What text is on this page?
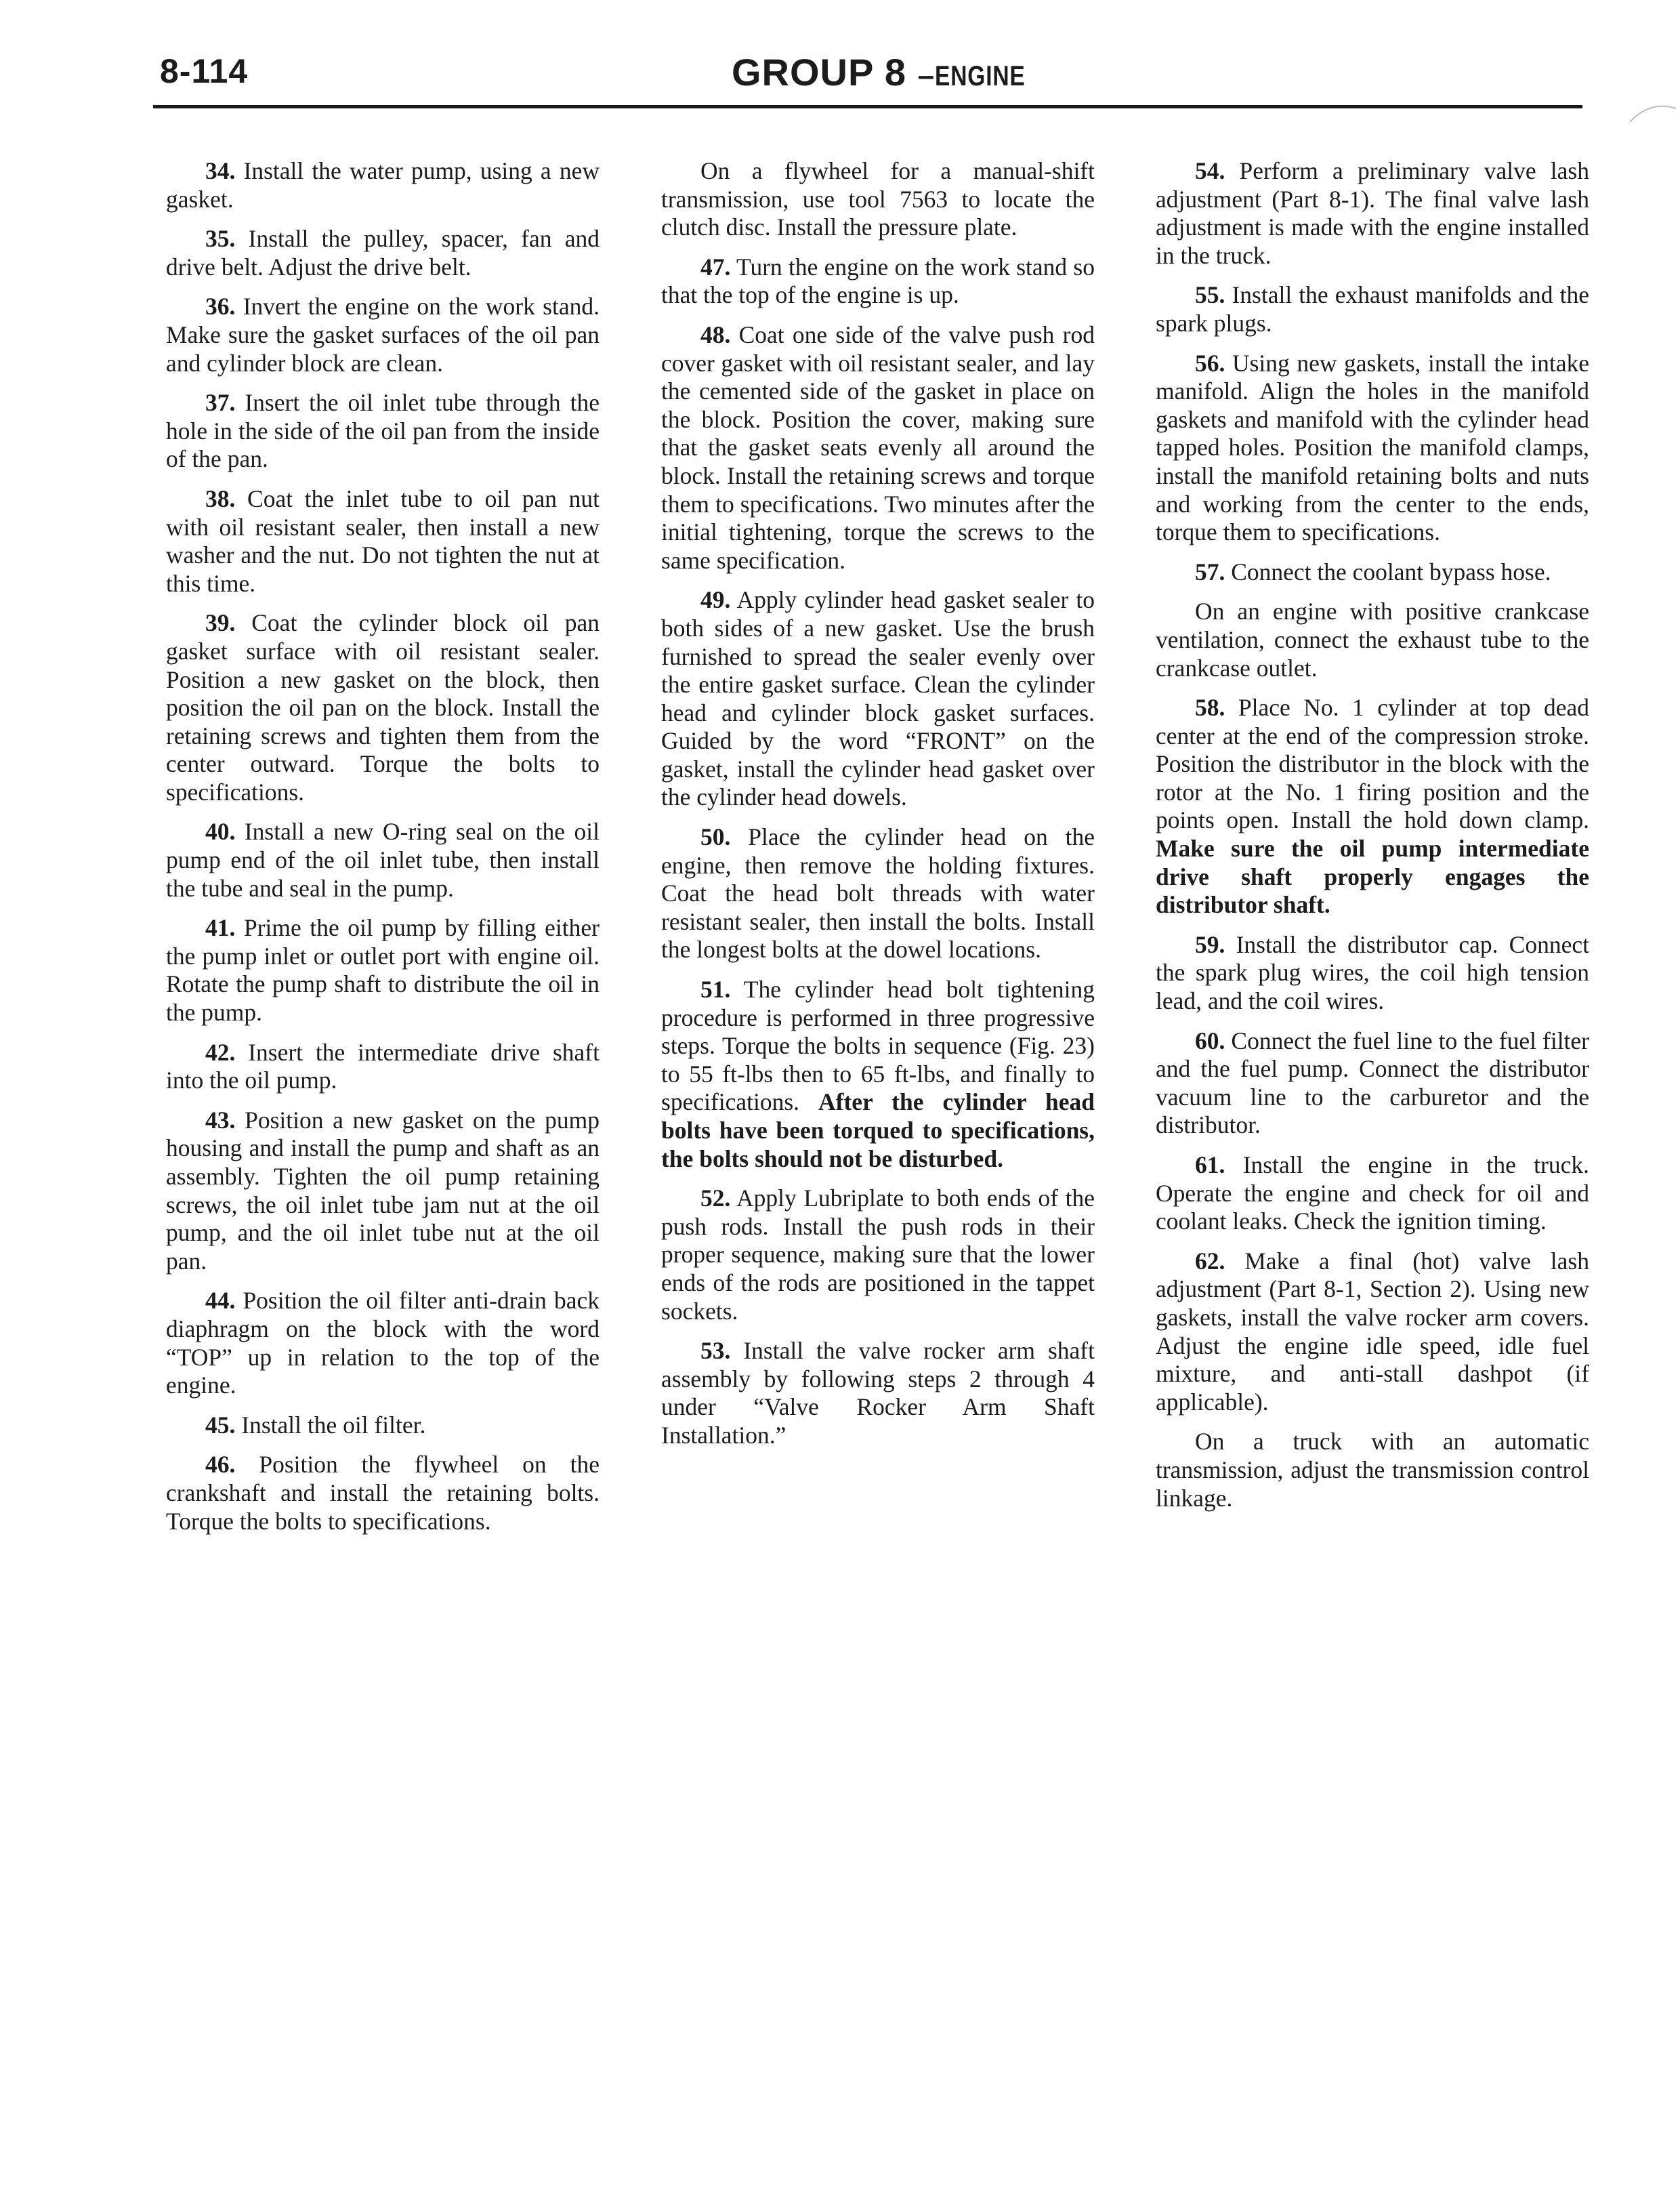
8-114	GROUP 8 –ENGINE

34. Install the water pump, using a new gasket.

35. Install the pulley, spacer, fan and drive belt. Adjust the drive belt.

36. Invert the engine on the work stand. Make sure the gasket surfaces of the oil pan and cylinder block are clean.

37. Insert the oil inlet tube through the hole in the side of the oil pan from the inside of the pan.

38. Coat the inlet tube to oil pan nut with oil resistant sealer, then install a new washer and the nut. Do not tighten the nut at this time.

39. Coat the cylinder block oil pan gasket surface with oil resistant sealer. Position a new gasket on the block, then position the oil pan on the block. Install the retaining screws and tighten them from the center outward. Torque the bolts to specifications.

40. Install a new O-ring seal on the oil pump end of the oil inlet tube, then install the tube and seal in the pump.

41. Prime the oil pump by filling either the pump inlet or outlet port with engine oil. Rotate the pump shaft to distribute the oil in the pump.

42. Insert the intermediate drive shaft into the oil pump.

43. Position a new gasket on the pump housing and install the pump and shaft as an assembly. Tighten the oil pump retaining screws, the oil inlet tube jam nut at the oil pump, and the oil inlet tube nut at the oil pan.

44. Position the oil filter anti-drain back diaphragm on the block with the word “TOP” up in relation to the top of the engine.

45. Install the oil filter.

46. Position the flywheel on the crankshaft and install the retaining bolts. Torque the bolts to specifications.

On a flywheel for a manual-shift transmission, use tool 7563 to locate the clutch disc. Install the pressure plate.

47. Turn the engine on the work stand so that the top of the engine is up.

48. Coat one side of the valve push rod cover gasket with oil resistant sealer, and lay the cemented side of the gasket in place on the block. Position the cover, making sure that the gasket seats evenly all around the block. Install the retaining screws and torque them to specifications. Two minutes after the initial tightening, torque the screws to the same specification.

49. Apply cylinder head gasket sealer to both sides of a new gasket. Use the brush furnished to spread the sealer evenly over the entire gasket surface. Clean the cylinder head and cylinder block gasket surfaces. Guided by the word “FRONT” on the gasket, install the cylinder head gasket over the cylinder head dowels.

50. Place the cylinder head on the engine, then remove the holding fixtures. Coat the head bolt threads with water resistant sealer, then install the bolts. Install the longest bolts at the dowel locations.

51. The cylinder head bolt tightening procedure is performed in three progressive steps. Torque the bolts in sequence (Fig. 23) to 55 ft-lbs then to 65 ft-lbs, and finally to specifications. After the cylinder head bolts have been torqued to specifications, the bolts should not be disturbed.

52. Apply Lubriplate to both ends of the push rods. Install the push rods in their proper sequence, making sure that the lower ends of the rods are positioned in the tappet sockets.

53. Install the valve rocker arm shaft assembly by following steps 2 through 4 under “Valve Rocker Arm Shaft Installation.”

54. Perform a preliminary valve lash adjustment (Part 8-1). The final valve lash adjustment is made with the engine installed in the truck.

55. Install the exhaust manifolds and the spark plugs.

56. Using new gaskets, install the intake manifold. Align the holes in the manifold gaskets and manifold with the cylinder head tapped holes. Position the manifold clamps, install the manifold retaining bolts and nuts and working from the center to the ends, torque them to specifications.

57. Connect the coolant bypass hose.

On an engine with positive crankcase ventilation, connect the exhaust tube to the crankcase outlet.

58. Place No. 1 cylinder at top dead center at the end of the compression stroke. Position the distributor in the block with the rotor at the No. 1 firing position and the points open. Install the hold down clamp. Make sure the oil pump intermediate drive shaft properly engages the distributor shaft.

59. Install the distributor cap. Connect the spark plug wires, the coil high tension lead, and the coil wires.

60. Connect the fuel line to the fuel filter and the fuel pump. Connect the distributor vacuum line to the carburetor and the distributor.

61. Install the engine in the truck. Operate the engine and check for oil and coolant leaks. Check the ignition timing.

62. Make a final (hot) valve lash adjustment (Part 8-1, Section 2). Using new gaskets, install the valve rocker arm covers. Adjust the engine idle speed, idle fuel mixture, and anti-stall dashpot (if applicable).

On a truck with an automatic transmission, adjust the transmission control linkage.
